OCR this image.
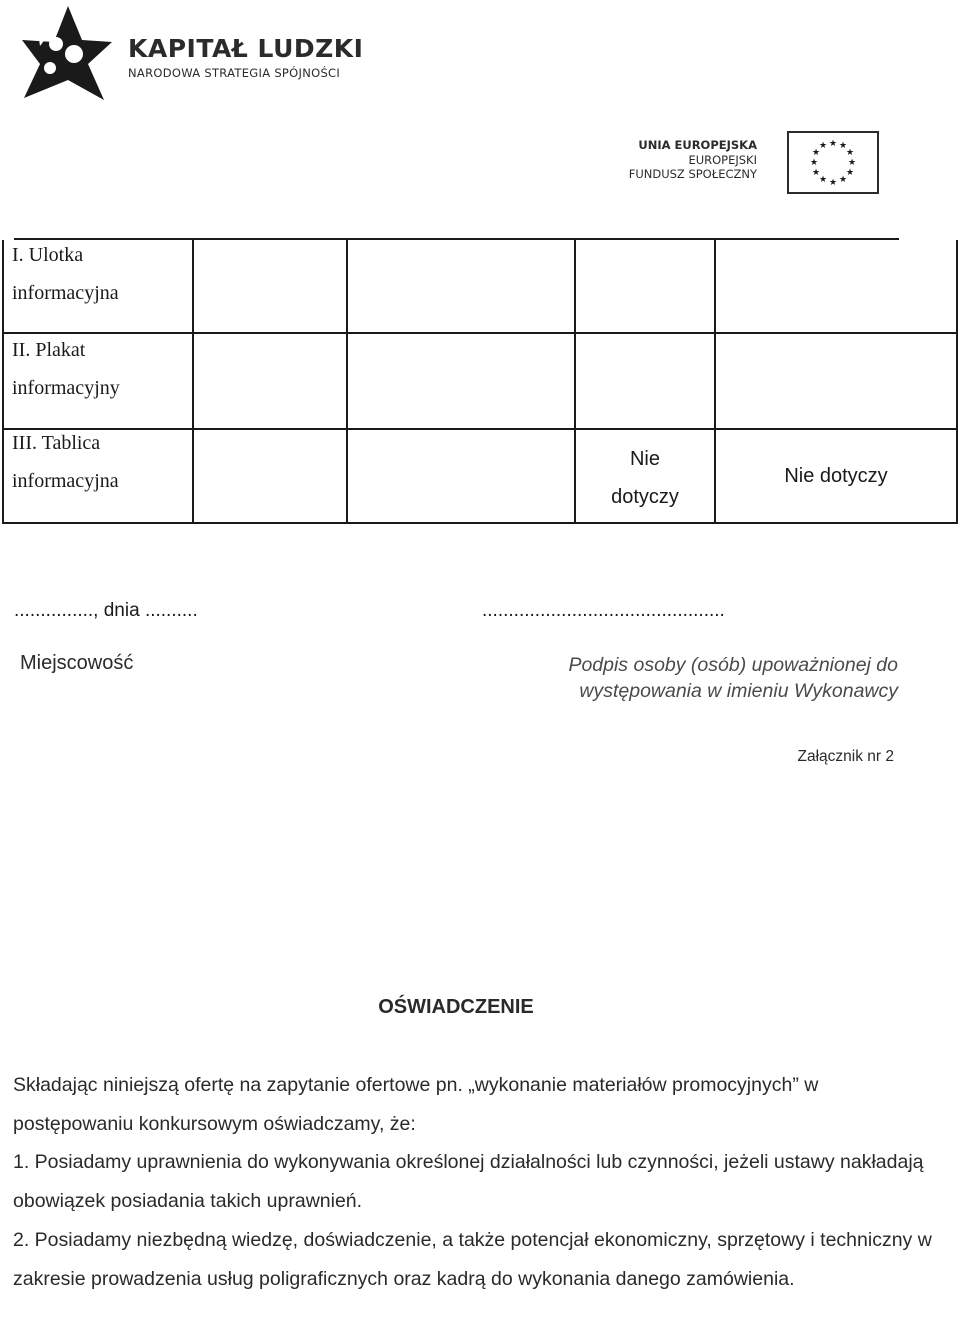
★★★
KAPITAŁ LUDZKI
NARODOWA STRATEGIA SPÓJNOŚCI
UNIA EUROPEJSKA
EUROPEJSKI
FUNDUSZ SPOŁECZNY
★ ★
★
★
★
★
★
★
★
★
★
★
I. Ulotka
informacyjna
II. Plakat
informacyjny
III. Tablica
informacyjna
Nie
dotyczy
Nie dotyczy
..............., dnia ..........	..............................................
Miejscowość	Podpis osoby (osób) upoważnionej do
występowania w imieniu Wykonawcy
Załącznik nr 2
OŚWIADCZENIE
Składając niniejszą ofertę na zapytanie ofertowe pn. „wykonanie materiałów promocyjnych” w postępowaniu konkursowym oświadczamy, że:
1. Posiadamy uprawnienia do wykonywania określonej działalności lub czynności, jeżeli ustawy nakładają obowiązek posiadania takich uprawnień.
2. Posiadamy niezbędną wiedzę, doświadczenie, a także potencjał ekonomiczny, sprzętowy i techniczny w zakresie prowadzenia usług poligraficznych oraz kadrą do wykonania danego zamówienia.
